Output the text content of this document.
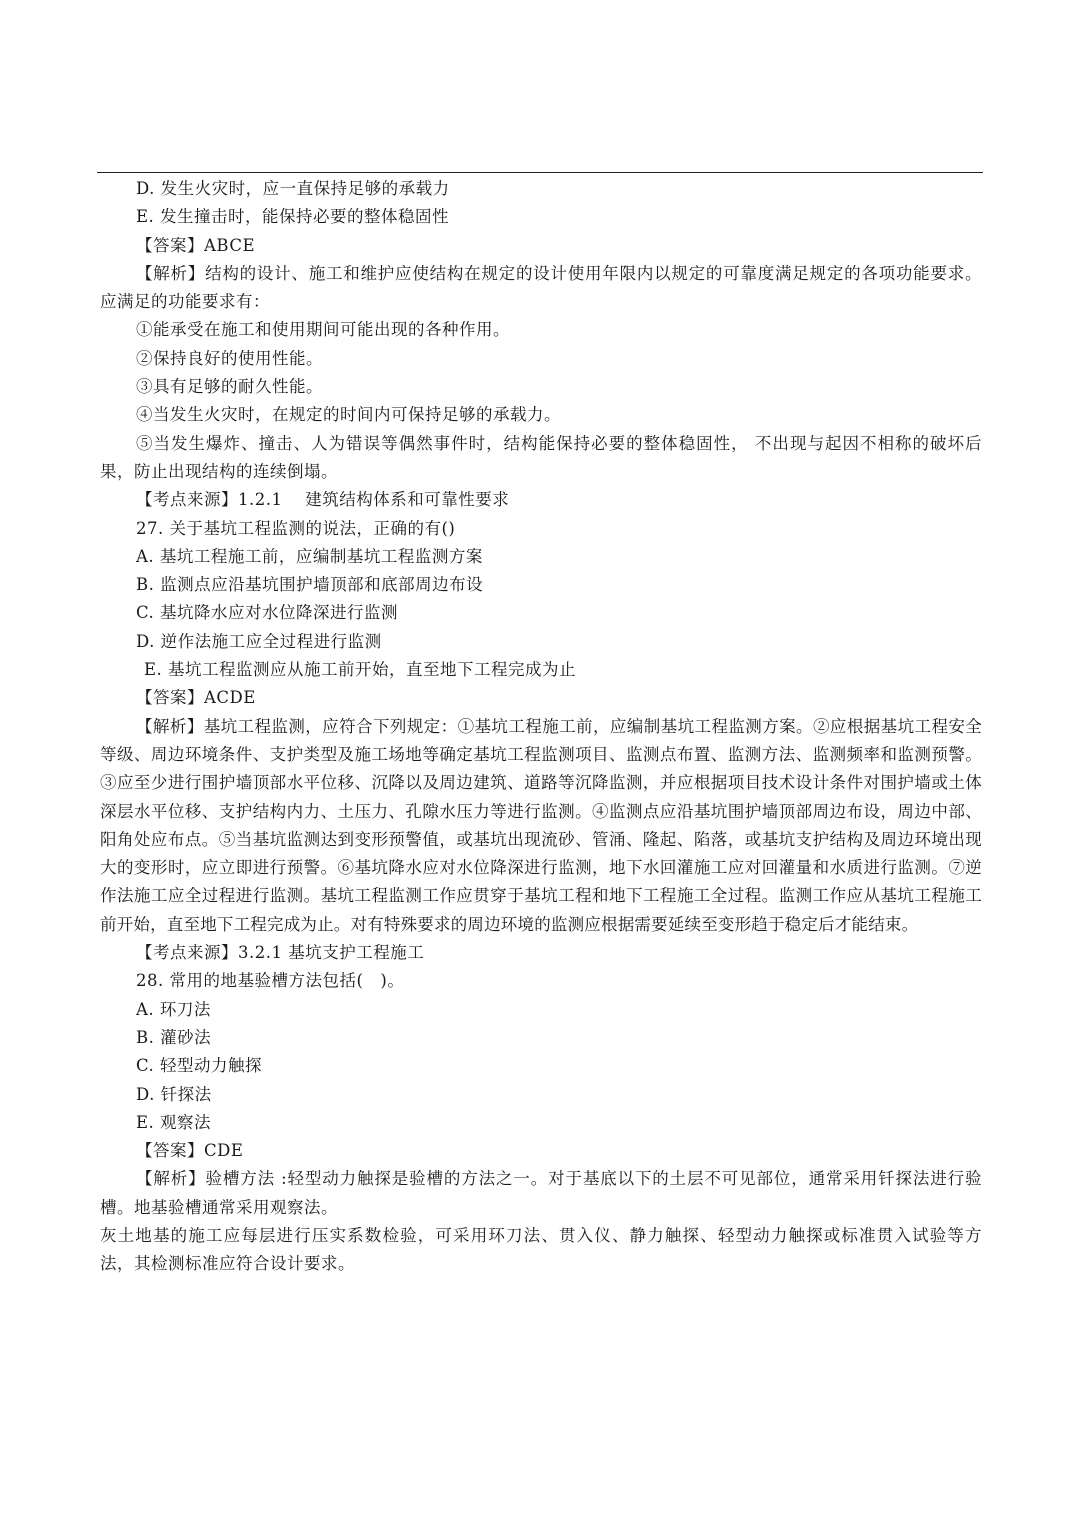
D. 发生火灾时，应一直保持足够的承载力

E. 发生撞击时，能保持必要的整体稳固性

【答案】ABCE

【解析】结构的设计、施工和维护应使结构在规定的设计使用年限内以规定的可靠度满足规定的各项功能要求。应满足的功能要求有：

①能承受在施工和使用期间可能出现的各种作用。

②保持良好的使用性能。

③具有足够的耐久性能。

④当发生火灾时，在规定的时间内可保持足够的承载力。

⑤当发生爆炸、撞击、人为错误等偶然事件时，结构能保持必要的整体稳固性， 不出现与起因不相称的破坏后果，防止出现结构的连续倒塌。

【考点来源】1.2.1　 建筑结构体系和可靠性要求

27. 关于基坑工程监测的说法，正确的有()

A. 基坑工程施工前，应编制基坑工程监测方案

B. 监测点应沿基坑围护墙顶部和底部周边布设

C. 基坑降水应对水位降深进行监测

D. 逆作法施工应全过程进行监测

E. 基坑工程监测应从施工前开始，直至地下工程完成为止

【答案】ACDE

【解析】基坑工程监测，应符合下列规定：①基坑工程施工前，应编制基坑工程监测方案。②应根据基坑工程安全等级、周边环境条件、支护类型及施工场地等确定基坑工程监测项目、监测点布置、监测方法、监测频率和监测预警。③应至少进行围护墙顶部水平位移、沉降以及周边建筑、道路等沉降监测，并应根据项目技术设计条件对围护墙或土体深层水平位移、支护结构内力、土压力、孔隙水压力等进行监测。④监测点应沿基坑围护墙顶部周边布设，周边中部、阳角处应布点。⑤当基坑监测达到变形预警值，或基坑出现流砂、管涌、隆起、陷落，或基坑支护结构及周边环境出现大的变形时，应立即进行预警。⑥基坑降水应对水位降深进行监测，地下水回灌施工应对回灌量和水质进行监测。⑦逆作法施工应全过程进行监测。基坑工程监测工作应贯穿于基坑工程和地下工程施工全过程。监测工作应从基坑工程施工前开始，直至地下工程完成为止。对有特殊要求的周边环境的监测应根据需要延续至变形趋于稳定后才能结束。

【考点来源】3.2.1 基坑支护工程施工

28. 常用的地基验槽方法包括(　)。

A. 环刀法

B. 灌砂法

C. 轻型动力触探

D. 钎探法

E. 观察法

【答案】CDE

【解析】验槽方法 :轻型动力触探是验槽的方法之一。对于基底以下的土层不可见部位，通常采用钎探法进行验槽。地基验槽通常采用观察法。

灰土地基的施工应每层进行压实系数检验，可采用环刀法、贯入仪、静力触探、轻型动力触探或标准贯入试验等方法，其检测标准应符合设计要求。
